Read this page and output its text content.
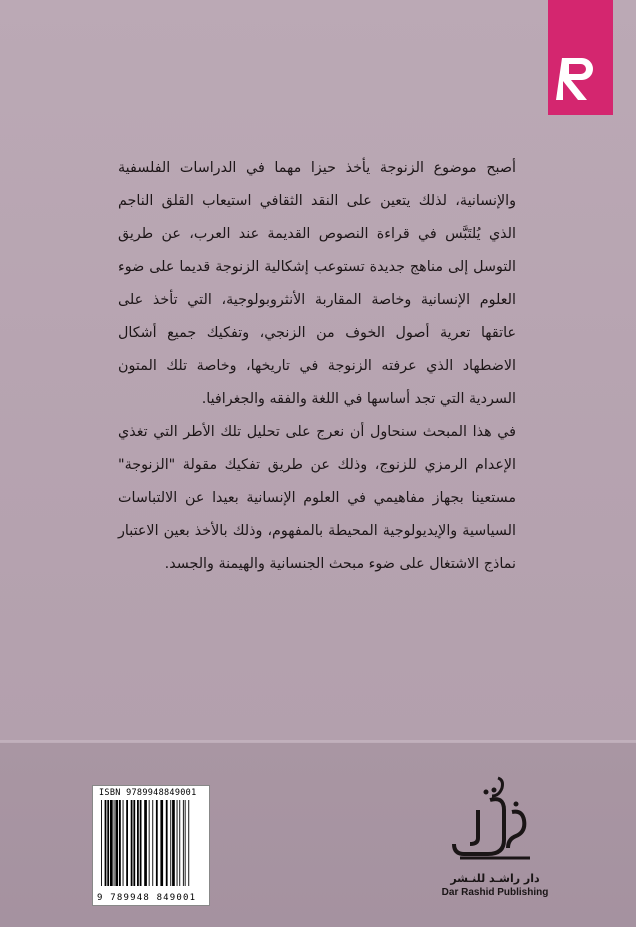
أصبح موضوع الزنوجة يأخذ حيزا مهما في الدراسات الفلسفية والإنسانية، لذلك يتعين على النقد الثقافي استيعاب القلق الناجم الذي يُلتَبَّس في قراءة النصوص القديمة عند العرب، عن طريق التوسل إلى مناهج جديدة تستوعب إشكالية الزنوجة قديما على ضوء العلوم الإنسانية وخاصة المقاربة الأنثروبولوجية، التي تأخذ على عاتقها تعرية أصول الخوف من الزنجي، وتفكيك جميع أشكال الاضطهاد الذي عرفته الزنوجة في تاريخها، وخاصة تلك المتون السردية التي تجد أساسها في اللغة والفقه والجغرافيا.

في هذا المبحث سنحاول أن نعرج على تحليل تلك الأطر التي تغذي الإعدام الرمزي للزنوج، وذلك عن طريق تفكيك مقولة "الزنوجة" مستعينا بجهاز مفاهيمي في العلوم الإنسانية بعيدا عن الالتباسات السياسية والإيديولوجية المحيطة بالمفهوم، وذلك بالأخذ بعين الاعتبار نماذج الاشتغال على ضوء مبحث الجنسانية والهيمنة والجسد.

ISBN 9789948849001
9 789948 849001
دار راشـد للنـشر
Dar Rashid Publishing
